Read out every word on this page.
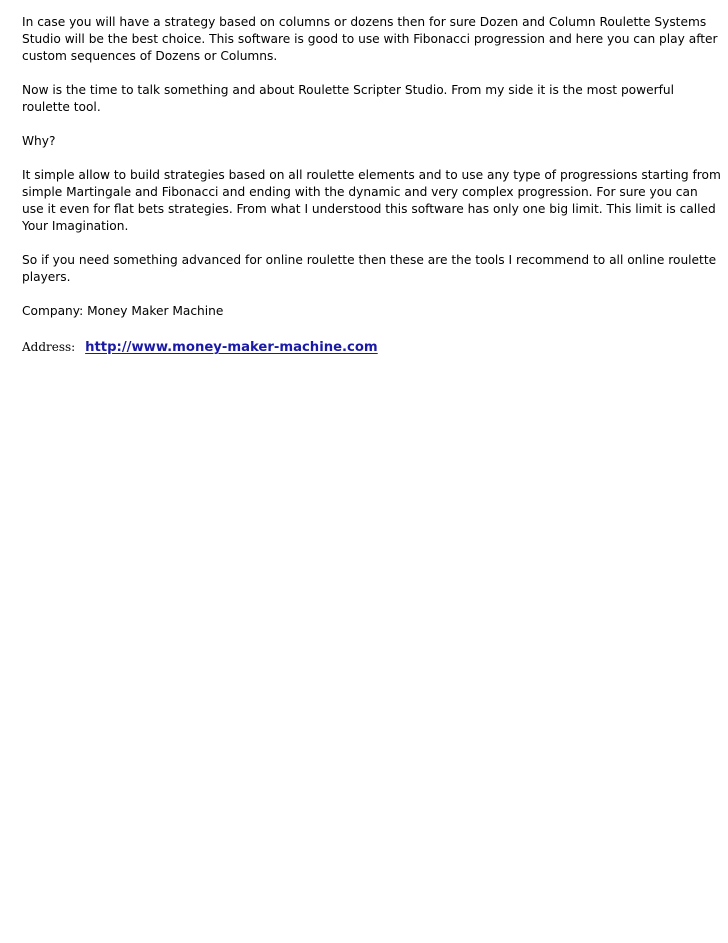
In case you will have a strategy based on columns or dozens then for sure Dozen and Column Roulette Systems Studio will be the best choice. This software is good to use with Fibonacci progression and here you can play after custom sequences of Dozens or Columns.

Now is the time to talk something and about Roulette Scripter Studio. From my side it is the most powerful roulette tool.

Why?

It simple allow to build strategies based on all roulette elements and to use any type of progressions starting from simple Martingale and Fibonacci and ending with the dynamic and very complex progression. For sure you can use it even for flat bets strategies. From what I understood this software has only one big limit. This limit is called Your Imagination.

So if you need something advanced for online roulette then these are the tools I recommend to all online roulette players.

Company: Money Maker Machine

Address: http://www.money-maker-machine.com
